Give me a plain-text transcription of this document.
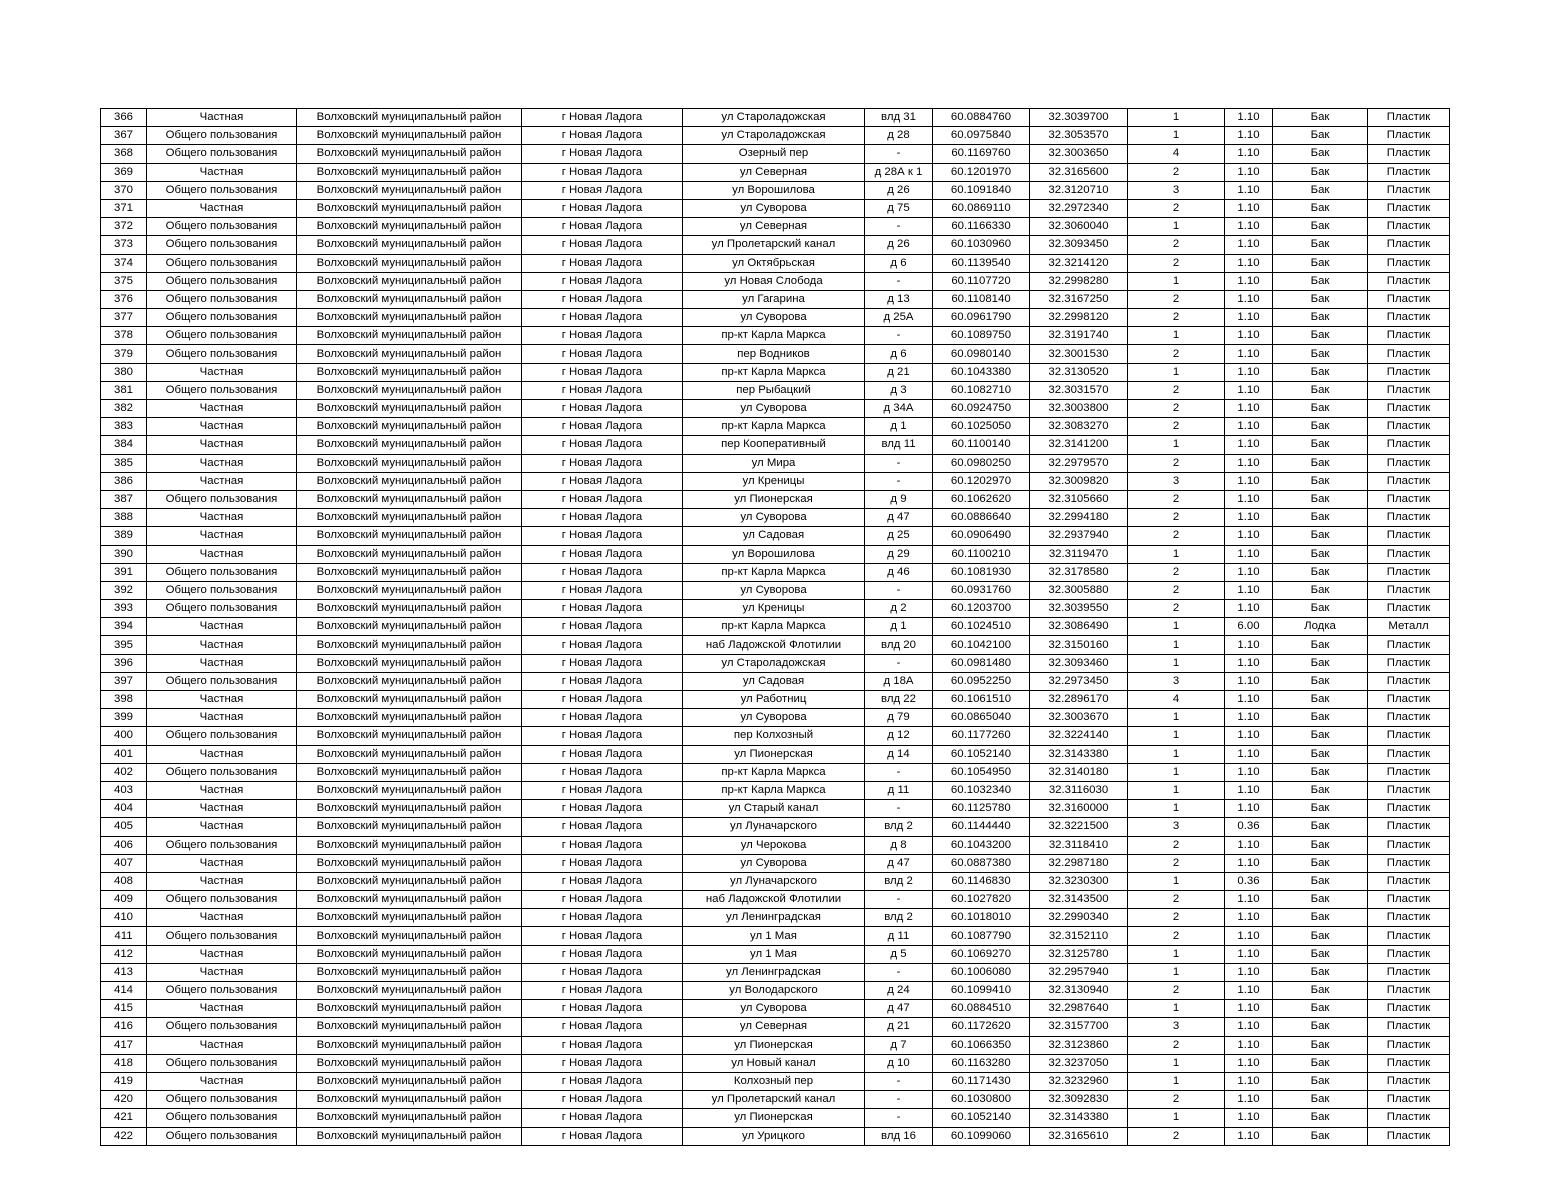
366	Частная	Волховский муниципальный район	г Новая Ладога	ул Староладожская	влд 31	60.0884760	32.3039700	1	1.10	Бак	Пластик
367	Общего пользования	Волховский муниципальный район	г Новая Ладога	ул Староладожская	д 28	60.0975840	32.3053570	1	1.10	Бак	Пластик
368	Общего пользования	Волховский муниципальный район	г Новая Ладога	Озерный пер	-	60.1169760	32.3003650	4	1.10	Бак	Пластик
369	Частная	Волховский муниципальный район	г Новая Ладога	ул Северная	д 28А к 1	60.1201970	32.3165600	2	1.10	Бак	Пластик
370	Общего пользования	Волховский муниципальный район	г Новая Ладога	ул Ворошилова	д 26	60.1091840	32.3120710	3	1.10	Бак	Пластик
371	Частная	Волховский муниципальный район	г Новая Ладога	ул Суворова	д 75	60.0869110	32.2972340	2	1.10	Бак	Пластик
372	Общего пользования	Волховский муниципальный район	г Новая Ладога	ул Северная	-	60.1166330	32.3060040	1	1.10	Бак	Пластик
373	Общего пользования	Волховский муниципальный район	г Новая Ладога	ул Пролетарский канал	д 26	60.1030960	32.3093450	2	1.10	Бак	Пластик
374	Общего пользования	Волховский муниципальный район	г Новая Ладога	ул Октябрьская	д 6	60.1139540	32.3214120	2	1.10	Бак	Пластик
375	Общего пользования	Волховский муниципальный район	г Новая Ладога	ул Новая Слобода	-	60.1107720	32.2998280	1	1.10	Бак	Пластик
376	Общего пользования	Волховский муниципальный район	г Новая Ладога	ул Гагарина	д 13	60.1108140	32.3167250	2	1.10	Бак	Пластик
377	Общего пользования	Волховский муниципальный район	г Новая Ладога	ул Суворова	д 25А	60.0961790	32.2998120	2	1.10	Бак	Пластик
378	Общего пользования	Волховский муниципальный район	г Новая Ладога	пр-кт Карла Маркса	-	60.1089750	32.3191740	1	1.10	Бак	Пластик
379	Общего пользования	Волховский муниципальный район	г Новая Ладога	пер Водников	д 6	60.0980140	32.3001530	2	1.10	Бак	Пластик
380	Частная	Волховский муниципальный район	г Новая Ладога	пр-кт Карла Маркса	д 21	60.1043380	32.3130520	1	1.10	Бак	Пластик
381	Общего пользования	Волховский муниципальный район	г Новая Ладога	пер Рыбацкий	д 3	60.1082710	32.3031570	2	1.10	Бак	Пластик
382	Частная	Волховский муниципальный район	г Новая Ладога	ул Суворова	д 34А	60.0924750	32.3003800	2	1.10	Бак	Пластик
383	Частная	Волховский муниципальный район	г Новая Ладога	пр-кт Карла Маркса	д 1	60.1025050	32.3083270	2	1.10	Бак	Пластик
384	Частная	Волховский муниципальный район	г Новая Ладога	пер Кооперативный	влд 11	60.1100140	32.3141200	1	1.10	Бак	Пластик
385	Частная	Волховский муниципальный район	г Новая Ладога	ул Мира	-	60.0980250	32.2979570	2	1.10	Бак	Пластик
386	Частная	Волховский муниципальный район	г Новая Ладога	ул Креницы	-	60.1202970	32.3009820	3	1.10	Бак	Пластик
387	Общего пользования	Волховский муниципальный район	г Новая Ладога	ул Пионерская	д 9	60.1062620	32.3105660	2	1.10	Бак	Пластик
388	Частная	Волховский муниципальный район	г Новая Ладога	ул Суворова	д 47	60.0886640	32.2994180	2	1.10	Бак	Пластик
389	Частная	Волховский муниципальный район	г Новая Ладога	ул Садовая	д 25	60.0906490	32.2937940	2	1.10	Бак	Пластик
390	Частная	Волховский муниципальный район	г Новая Ладога	ул Ворошилова	д 29	60.1100210	32.3119470	1	1.10	Бак	Пластик
391	Общего пользования	Волховский муниципальный район	г Новая Ладога	пр-кт Карла Маркса	д 46	60.1081930	32.3178580	2	1.10	Бак	Пластик
392	Общего пользования	Волховский муниципальный район	г Новая Ладога	ул Суворова	-	60.0931760	32.3005880	2	1.10	Бак	Пластик
393	Общего пользования	Волховский муниципальный район	г Новая Ладога	ул Креницы	д 2	60.1203700	32.3039550	2	1.10	Бак	Пластик
394	Частная	Волховский муниципальный район	г Новая Ладога	пр-кт Карла Маркса	д 1	60.1024510	32.3086490	1	6.00	Лодка	Металл
395	Частная	Волховский муниципальный район	г Новая Ладога	наб Ладожской Флотилии	влд 20	60.1042100	32.3150160	1	1.10	Бак	Пластик
396	Частная	Волховский муниципальный район	г Новая Ладога	ул Староладожская	-	60.0981480	32.3093460	1	1.10	Бак	Пластик
397	Общего пользования	Волховский муниципальный район	г Новая Ладога	ул Садовая	д 18А	60.0952250	32.2973450	3	1.10	Бак	Пластик
398	Частная	Волховский муниципальный район	г Новая Ладога	ул Работниц	влд 22	60.1061510	32.2896170	4	1.10	Бак	Пластик
399	Частная	Волховский муниципальный район	г Новая Ладога	ул Суворова	д 79	60.0865040	32.3003670	1	1.10	Бак	Пластик
400	Общего пользования	Волховский муниципальный район	г Новая Ладога	пер Колхозный	д 12	60.1177260	32.3224140	1	1.10	Бак	Пластик
401	Частная	Волховский муниципальный район	г Новая Ладога	ул Пионерская	д 14	60.1052140	32.3143380	1	1.10	Бак	Пластик
402	Общего пользования	Волховский муниципальный район	г Новая Ладога	пр-кт Карла Маркса	-	60.1054950	32.3140180	1	1.10	Бак	Пластик
403	Частная	Волховский муниципальный район	г Новая Ладога	пр-кт Карла Маркса	д 11	60.1032340	32.3116030	1	1.10	Бак	Пластик
404	Частная	Волховский муниципальный район	г Новая Ладога	ул Старый канал	-	60.1125780	32.3160000	1	1.10	Бак	Пластик
405	Частная	Волховский муниципальный район	г Новая Ладога	ул Луначарского	влд 2	60.1144440	32.3221500	3	0.36	Бак	Пластик
406	Общего пользования	Волховский муниципальный район	г Новая Ладога	ул Черокова	д 8	60.1043200	32.3118410	2	1.10	Бак	Пластик
407	Частная	Волховский муниципальный район	г Новая Ладога	ул Суворова	д 47	60.0887380	32.2987180	2	1.10	Бак	Пластик
408	Частная	Волховский муниципальный район	г Новая Ладога	ул Луначарского	влд 2	60.1146830	32.3230300	1	0.36	Бак	Пластик
409	Общего пользования	Волховский муниципальный район	г Новая Ладога	наб Ладожской Флотилии	-	60.1027820	32.3143500	2	1.10	Бак	Пластик
410	Частная	Волховский муниципальный район	г Новая Ладога	ул Ленинградская	влд 2	60.1018010	32.2990340	2	1.10	Бак	Пластик
411	Общего пользования	Волховский муниципальный район	г Новая Ладога	ул 1 Мая	д 11	60.1087790	32.3152110	2	1.10	Бак	Пластик
412	Частная	Волховский муниципальный район	г Новая Ладога	ул 1 Мая	д 5	60.1069270	32.3125780	1	1.10	Бак	Пластик
413	Частная	Волховский муниципальный район	г Новая Ладога	ул Ленинградская	-	60.1006080	32.2957940	1	1.10	Бак	Пластик
414	Общего пользования	Волховский муниципальный район	г Новая Ладога	ул Володарского	д 24	60.1099410	32.3130940	2	1.10	Бак	Пластик
415	Частная	Волховский муниципальный район	г Новая Ладога	ул Суворова	д 47	60.0884510	32.2987640	1	1.10	Бак	Пластик
416	Общего пользования	Волховский муниципальный район	г Новая Ладога	ул Северная	д 21	60.1172620	32.3157700	3	1.10	Бак	Пластик
417	Частная	Волховский муниципальный район	г Новая Ладога	ул Пионерская	д 7	60.1066350	32.3123860	2	1.10	Бак	Пластик
418	Общего пользования	Волховский муниципальный район	г Новая Ладога	ул Новый канал	д 10	60.1163280	32.3237050	1	1.10	Бак	Пластик
419	Частная	Волховский муниципальный район	г Новая Ладога	Колхозный пер	-	60.1171430	32.3232960	1	1.10	Бак	Пластик
420	Общего пользования	Волховский муниципальный район	г Новая Ладога	ул Пролетарский канал	-	60.1030800	32.3092830	2	1.10	Бак	Пластик
421	Общего пользования	Волховский муниципальный район	г Новая Ладога	ул Пионерская	-	60.1052140	32.3143380	1	1.10	Бак	Пластик
422	Общего пользования	Волховский муниципальный район	г Новая Ладога	ул Урицкого	влд 16	60.1099060	32.3165610	2	1.10	Бак	Пластик
